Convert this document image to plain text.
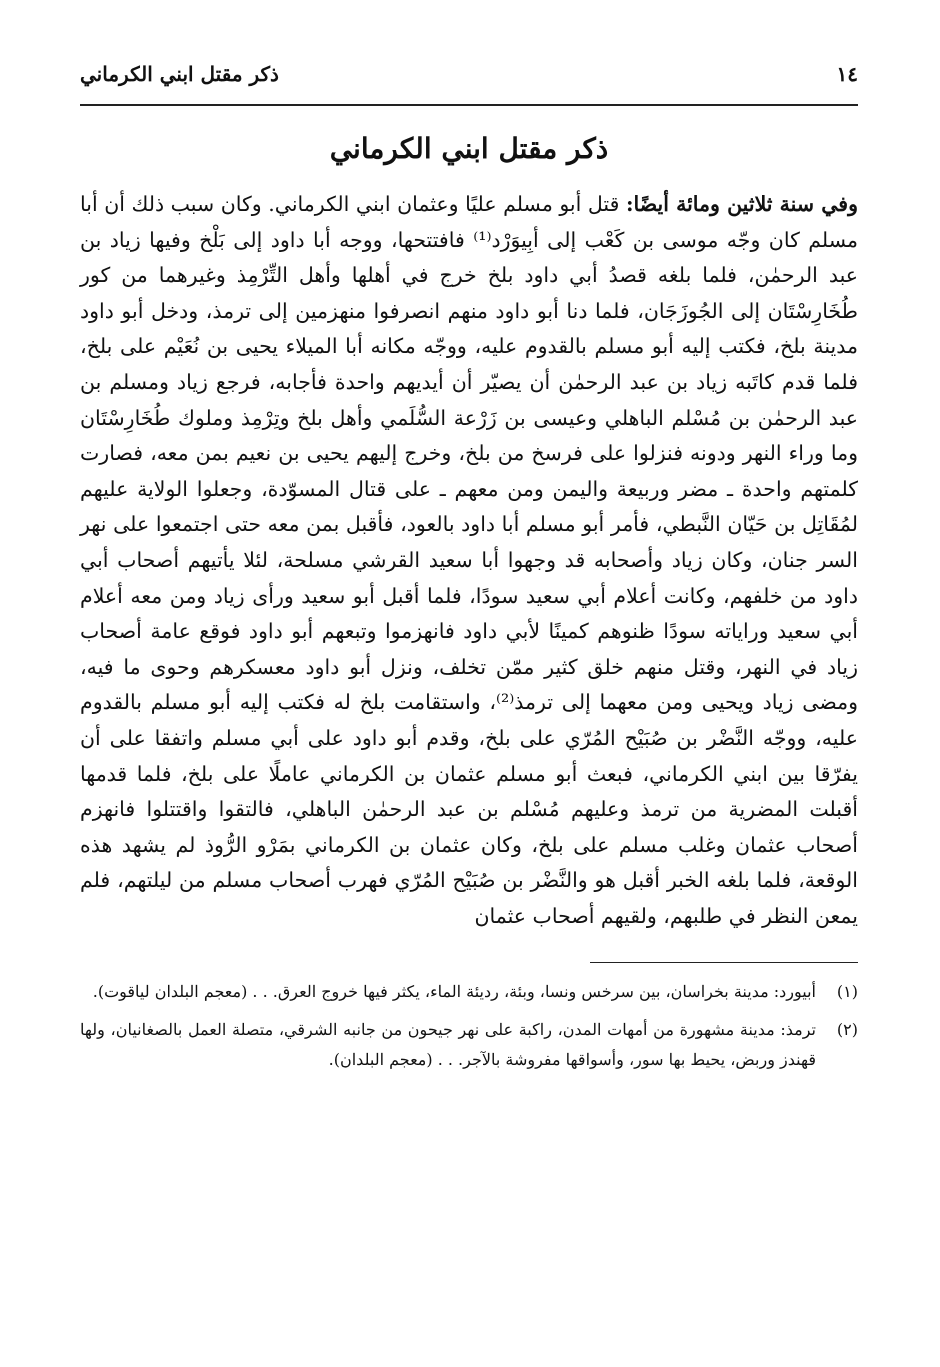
١٤
ذكر مقتل ابني الكرماني
ذكر مقتل ابني الكرماني

وفي سنة ثلاثين ومائة أيضًا: قتل أبو مسلم عليًا وعثمان ابني الكرماني. وكان سبب ذلك أن أبا مسلم كان وجّه موسى بن كَعْب إلى أبِيوَرْد⁽¹⁾ فافتتحها، ووجه أبا داود إلى بَلْخ وفيها زياد بن عبد الرحمٰن، فلما بلغه قصدُ أبي داود بلخ خرج في أهلها وأهل التِّرْمِذ وغيرهما من كور طُخَارِسْتَان إلى الجُوزَجَان، فلما دنا أبو داود منهم انصرفوا منهزمين إلى ترمذ، ودخل أبو داود مدينة بلخ، فكتب إليه أبو مسلم بالقدوم عليه، ووجّه مكانه أبا الميلاء يحيى بن نُعَيْم على بلخ، فلما قدم كاتَبه زياد بن عبد الرحمٰن أن يصيّر أن أيديهم واحدة فأجابه، فرجع زياد ومسلم بن عبد الرحمٰن بن مُسْلم الباهلي وعيسى بن زَرْعة السُّلَمي وأهل بلخ وتِرْمِذ وملوك طُخَارِسْتَان وما وراء النهر ودونه فنزلوا على فرسخ من بلخ، وخرج إليهم يحيى بن نعيم بمن معه، فصارت كلمتهم واحدة ـ مضر وربيعة واليمن ومن معهم ـ على قتال المسوّدة، وجعلوا الولاية عليهم لمُقَاتِل بن حَيّان النَّبطي، فأمر أبو مسلم أبا داود بالعود، فأقبل بمن معه حتى اجتمعوا على نهر السر جنان، وكان زياد وأصحابه قد وجهوا أبا سعيد القرشي مسلحة، لئلا يأتيهم أصحاب أبي داود من خلفهم، وكانت أعلام أبي سعيد سودًا، فلما أقبل أبو سعيد ورأى زياد ومن معه أعلام أبي سعيد وراياته سودًا ظنوهم كمينًا لأبي داود فانهزموا وتبعهم أبو داود فوقع عامة أصحاب زياد في النهر، وقتل منهم خلق كثير ممّن تخلف، ونزل أبو داود معسكرهم وحوى ما فيه، ومضى زياد ويحيى ومن معهما إلى ترمذ⁽²⁾، واستقامت بلخ له فكتب إليه أبو مسلم بالقدوم عليه، ووجّه النَّضْر بن صُبَيْح المُرّي على بلخ، وقدم أبو داود على أبي مسلم واتفقا على أن يفرّقا بين ابني الكرماني، فبعث أبو مسلم عثمان بن الكرماني عاملًا على بلخ، فلما قدمها أقبلت المضرية من ترمذ وعليهم مُسْلم بن عبد الرحمٰن الباهلي، فالتقوا واقتتلوا فانهزم أصحاب عثمان وغلب مسلم على بلخ، وكان عثمان بن الكرماني بمَرْو الرُّوذ لم يشهد هذه الوقعة، فلما بلغه الخبر أقبل هو والنَّضْر بن صُبَيْح المُرّي فهرب أصحاب مسلم من ليلتهم، فلم يمعن النظر في طلبهم، ولقيهم أصحاب عثمان

(١)
أبيورد: مدينة بخراسان، بين سرخس ونسا، وبئة، رديئة الماء، يكثر فيها خروج العرق. . . (معجم البلدان لياقوت).
(٢)
ترمذ: مدينة مشهورة من أمهات المدن، راكبة على نهر جيحون من جانبه الشرقي، متصلة العمل بالصغانيان، ولها قهندز وربض، يحيط بها سور، وأسواقها مفروشة بالآجر. . . (معجم البلدان).
